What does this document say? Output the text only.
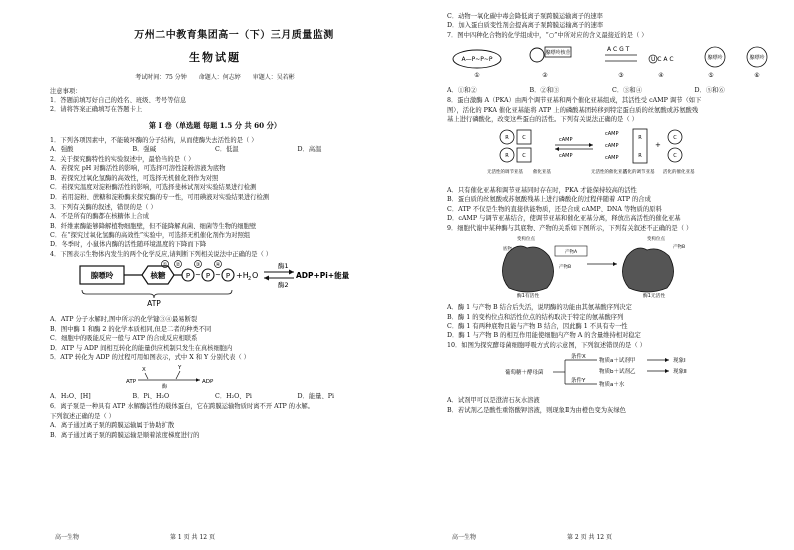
万州二中教育集团高一（下）三月质量监测
生物试题
考试时间：75 分钟　　命题人：何志婷　　审题人：吴若彬
注意事项：
1．答题前填写好自己的姓名、班级、考号等信息
2．请将答案正确填写在答题卡上
第 I 卷（单选题 每题 1.5 分 共 60 分）
1．下列各项因素中，不能破坏酶的分子结构，从而使酶失去活性的是（ ）
A．强酸	B．强碱	C．低温	D．高温
2．关于探究酶特性的实验叙述中，最恰当的是（ ）
A．若探究 pH 对酶活性的影响，可选择可溶性淀粉溶液为底物
B．若探究过氧化氢酶的高效性，可选择无机催化剂作为对照
C．若探究温度对淀粉酶活性的影响，可选择斐林试剂对实验结果进行检测
D．若用淀粉、蔗糖和淀粉酶来探究酶的专一性，可用碘液对实验结果进行检测
3．下列有关酶的叙述，错误的是（ ）
A．不是所有的酶都在核糖体上合成
B．纤维素酶能够降解植物细胞壁，但不能降解真菌、细菌等生物的细胞壁
C．在“探究过氧化氢酶的高效性”实验中，可选择无机催化剂作为对照组
D．冬季时，小鼠体内酶的活性随环境温度的下降而下降
4．下图表示生物体内发生的两个化学反应,请判断下列相关说法中正确的是（ ）
腺嘌呤	核糖	P ~ P ~ P +H 2 O
① ②	③	④	酶1
酶2
ADP+Pi+能量
ATP
A．ATP 分子水解时,图中所示的化学键③④最易断裂
B．图中酶 1 和酶 2 的化学本质相同,但是二者的种类不同
C．细胞中的吸能反应一般与 ATP 的合成反应相联系
D．ATP 与 ADP 间相互转化的能量供应机制只发生在真核细胞内
5．ATP 转化为 ADP 的过程可用如图表示，式中 X 和 Y 分别代表（ ）
X	Y
ATP	ADP
酶
A．H₂O、[H]	B．Pi、H₂O	C．H₂O、Pi	D．能量、Pi
6．离子泵是一种具有 ATP 水解酶活性的载体蛋白，它在跨膜运输物质时离不开 ATP 的水解。
下列叙述正确的是（ ）
A．离子通过离子泵的跨膜运输属于协助扩散
B．离子通过离子泵的跨膜运输是顺着浓度梯度进行的
高一生物	第 1 页 共 12 页
C．动物一氧化碳中毒会降低离子泵跨膜运输离子的速率
D．加入蛋白质变性剂会提高离子泵跨膜运输离子的速率
7．图中四种化合物的化学组成中，“○”中所对应的含义最接近的是（ ）
A—P~P~P
①
腺嘌呤核苷
②
A C G T
③
U C A C
④
腺嘌呤
⑤
腺嘌呤
⑥
A．①和②	B．②和③	C．③和④	D．⑤和⑥
8．蛋白激酶 A（PKA）由两个调节亚基和两个催化亚基组成，其活性受 cAMP 调节（如下
图），活化的 PKA 催化亚基能将 ATP 上的磷酸基团转移到特定蛋白质的丝氨酸或苏氨酸残
基上进行磷酸化，改变这些蛋白的活性。下列有关说法正确的是（ ）
R	C
R	C
无活性的调节亚基 催化亚基
cAMP
cAMP
无活性的催化亚基
cAMP
cAMP
cAMP
R
R
活化的调节亚基
+
C
C
活化的催化亚基
A．只有催化亚基和调节亚基同时存在时，PKA 才能保持较高的活性
B．蛋白质的丝氨酸或苏氨酸残基上进行磷酸化的过程伴随着 ATP 的合成
C．ATP 不仅是生物的直接供能物质，还是合成 cAMP、DNA 等物质的原料
D．cAMP 与调节亚基结合，使调节亚基和催化亚基分离，释放出高活性的催化亚基
9．细胞代谢中某种酶与其底物、产物的关系如下图所示，下列有关叙述不正确的是（ ）
变构位点	变构位点
底物
产物A
产物B
酶1有活性
产物B
酶1无活性
A．酶 1 与产物 B 结合后失活，说明酶的功能由其氨基酸序列决定
B．酶 1 的变构位点和活性位点的结构取决于特定的氨基酸序列
C．酶 1 有两种底物且能与产物 B 结合，因此酶 1 不具有专一性
D．酶 1 与产物 B 的相互作用能使细胞内产物 A 的含量维持相对稳定
10．如图为探究酵母菌细胞呼吸方式的示意图，下列叙述错误的是（ ）
葡萄糖＋酵母菌
条件X
条件Y
物质a＋试剂甲
物质b＋试剂乙
物质a＋水
现象Ⅰ
现象Ⅱ
A．试剂甲可以是澄清石灰水溶液
B．若试剂乙是酸性重铬酸钾溶液，则现象Ⅱ为由橙色变为灰绿色
高一生物	第 2 页 共 12 页
